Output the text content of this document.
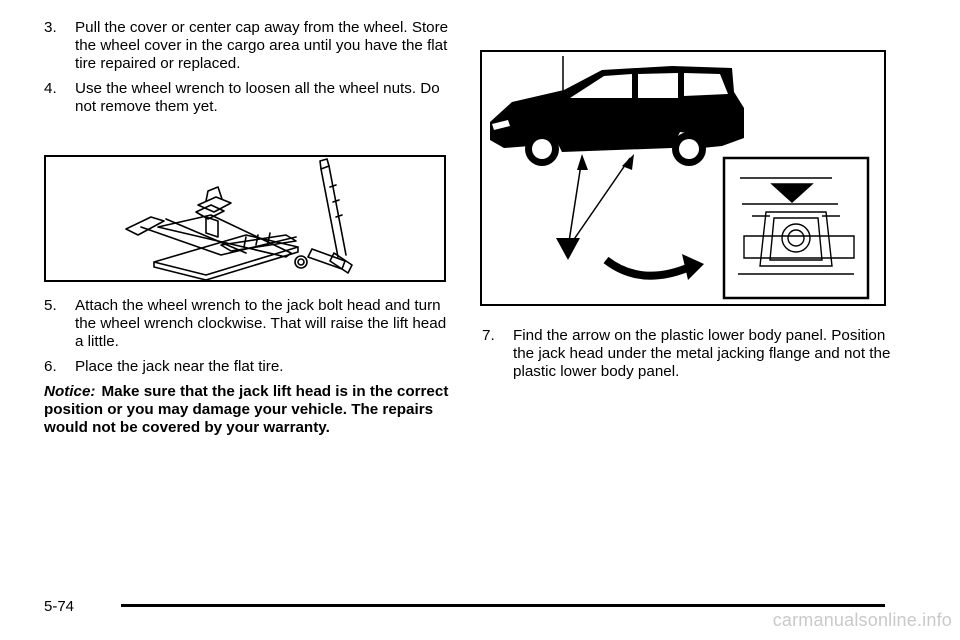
3.	Pull the cover or center cap away from the wheel. Store the wheel cover in the cargo area until you have the flat tire repaired or replaced.
4.	Use the wheel wrench to loosen all the wheel nuts. Do not remove them yet.
5.	Attach the wheel wrench to the jack bolt head and turn the wheel wrench clockwise. That will raise the lift head a little.
6.	Place the jack near the flat tire.
Notice: Make sure that the jack lift head is in the correct position or you may damage your vehicle. The repairs would not be covered by your warranty.
7.	Find the arrow on the plastic lower body panel. Position the jack head under the metal jacking flange and not the plastic lower body panel.
5-74
carmanualsonline.info
